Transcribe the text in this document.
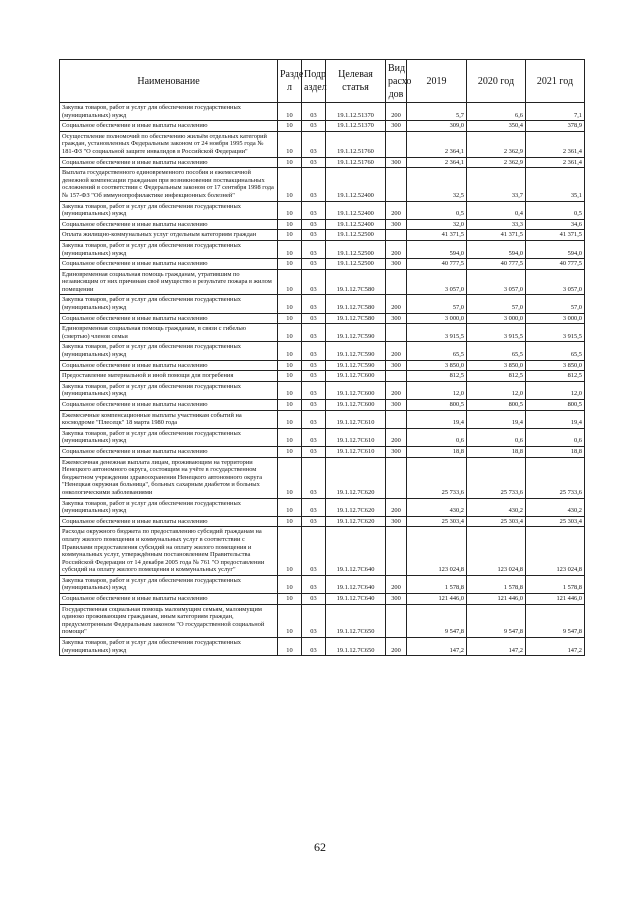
Наименование	Разде л	Подр аздел	Целевая статья	Вид расхо дов	2019	2020 год	2021 год
Закупка товаров, работ и услуг для обеспечения государственных (муниципальных) нужд	10	03	19.1.12.51370	200	5,7	6,6	7,1
Социальное обеспечение и иные выплаты населению	10	03	19.1.12.51370	300	309,0	350,4	378,9
Осуществление полномочий по обеспечению жильём отдельных категорий граждан, установленных Федеральным законом от 24 ноября 1995 года № 181-ФЗ "О социальной защите инвалидов в Российской Федерации"	10	03	19.1.12.51760		2 364,1	2 362,9	2 361,4
Социальное обеспечение и иные выплаты населению	10	03	19.1.12.51760	300	2 364,1	2 362,9	2 361,4
Выплата государственного единовременного пособия и ежемесячной денежной компенсации гражданам при возникновении поствакцинальных осложнений в соответствии с Федеральным законом от 17 сентября 1998 года № 157-ФЗ "Об иммунопрофилактике инфекционных болезней"	10	03	19.1.12.52400		32,5	33,7	35,1
Закупка товаров, работ и услуг для обеспечения государственных (муниципальных) нужд	10	03	19.1.12.52400	200	0,5	0,4	0,5
Социальное обеспечение и иные выплаты населению	10	03	19.1.12.52400	300	32,0	33,3	34,6
Оплата жилищно-коммунальных услуг отдельным категориям граждан	10	03	19.1.12.52500		41 371,5	41 371,5	41 371,5
Закупка товаров, работ и услуг для обеспечения государственных (муниципальных) нужд	10	03	19.1.12.52500	200	594,0	594,0	594,0
Социальное обеспечение и иные выплаты населению	10	03	19.1.12.52500	300	40 777,5	40 777,5	40 777,5
Единовременная социальная помощь гражданам, утратившим по независящим от них причинам своё имущество в результате пожара в жилом помещении	10	03	19.1.12.7С580		3 057,0	3 057,0	3 057,0
Закупка товаров, работ и услуг для обеспечения государственных (муниципальных) нужд	10	03	19.1.12.7С580	200	57,0	57,0	57,0
Социальное обеспечение и иные выплаты населению	10	03	19.1.12.7С580	300	3 000,0	3 000,0	3 000,0
Единовременная социальная помощь гражданам, в связи с гибелью (смертью) членов семьи	10	03	19.1.12.7С590		3 915,5	3 915,5	3 915,5
Закупка товаров, работ и услуг для обеспечения государственных (муниципальных) нужд	10	03	19.1.12.7С590	200	65,5	65,5	65,5
Социальное обеспечение и иные выплаты населению	10	03	19.1.12.7С590	300	3 850,0	3 850,0	3 850,0
Предоставление материальной и иной помощи для погребения	10	03	19.1.12.7С600		812,5	812,5	812,5
Закупка товаров, работ и услуг для обеспечения государственных (муниципальных) нужд	10	03	19.1.12.7С600	200	12,0	12,0	12,0
Социальное обеспечение и иные выплаты населению	10	03	19.1.12.7С600	300	800,5	800,5	800,5
Ежемесячные компенсационные выплаты участникам событий на космодроме "Плесецк" 18 марта 1980 года	10	03	19.1.12.7С610		19,4	19,4	19,4
Закупка товаров, работ и услуг для обеспечения государственных (муниципальных) нужд	10	03	19.1.12.7С610	200	0,6	0,6	0,6
Социальное обеспечение и иные выплаты населению	10	03	19.1.12.7С610	300	18,8	18,8	18,8
Ежемесячная денежная выплата лицам, проживающим на территории Ненецкого автономного округа, состоящим на учёте в государственном бюджетном учреждении здравоохранения Ненецкого автономного округа "Ненецкая окружная больница", больных сахарным диабетом и больных онкологическими заболеваниями	10	03	19.1.12.7С620		25 733,6	25 733,6	25 733,6
Закупка товаров, работ и услуг для обеспечения государственных (муниципальных) нужд	10	03	19.1.12.7С620	200	430,2	430,2	430,2
Социальное обеспечение и иные выплаты населению	10	03	19.1.12.7С620	300	25 303,4	25 303,4	25 303,4
Расходы окружного бюджета по предоставлению субсидий гражданам на оплату жилого помещения и коммунальных услуг в соответствии с Правилами предоставления субсидий на оплату жилого помещения и коммунальных услуг, утверждённым постановлением Правительства Российской Федерации от 14 декабря 2005 года № 761 "О предоставлении субсидий на оплату жилого помещения и коммунальных услуг"	10	03	19.1.12.7С640		123 024,8	123 024,8	123 024,8
Закупка товаров, работ и услуг для обеспечения государственных (муниципальных) нужд	10	03	19.1.12.7С640	200	1 578,8	1 578,8	1 578,8
Социальное обеспечение и иные выплаты населению	10	03	19.1.12.7С640	300	121 446,0	121 446,0	121 446,0
Государственная социальная помощь малоимущим семьям, малоимущим одиноко проживающим гражданам, иным категориям граждан, предусмотренным Федеральным законом "О государственной социальной помощи"	10	03	19.1.12.7С650		9 547,8	9 547,8	9 547,8
Закупка товаров, работ и услуг для обеспечения государственных (муниципальных) нужд	10	03	19.1.12.7С650	200	147,2	147,2	147,2
62
